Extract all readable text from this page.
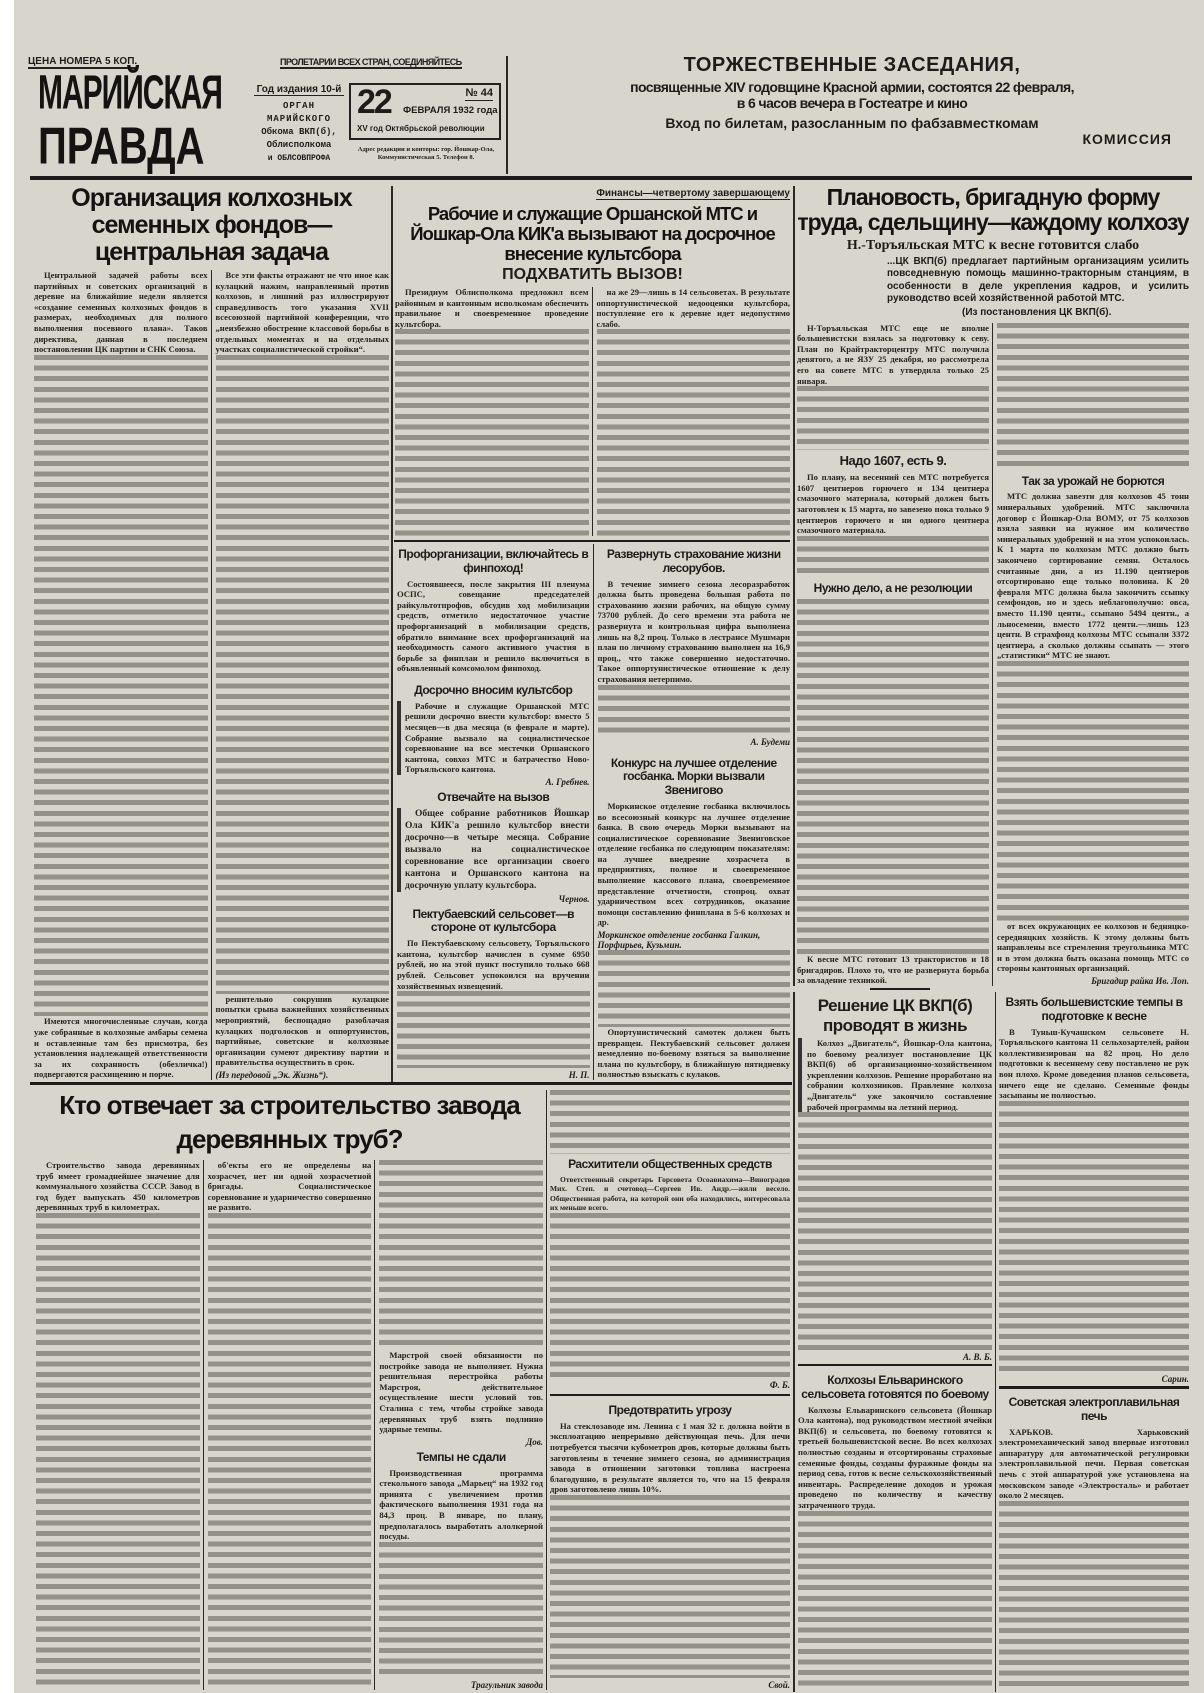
ЦЕНА НОМЕРА 5 КОП.	ПРОЛЕТАРИИ ВСЕХ СТРАН, СОЕДИНЯЙТЕСЬ
МАРИЙСКАЯ
ПРАВДА
Год издания 10-й
ОРГАН
МАРИЙСКОГО
Обкома ВКП(б),
Облисполкома
и ОБЛСОВПРОФА
22	№ 44
ФЕВРАЛЯ 1932 года
XV год Октябрьской революции
Адрес редакции и конторы: гор. Йошкар-Ола, Коммунистическая 5. Телефон 8.
ТОРЖЕСТВЕННЫЕ ЗАСЕДАНИЯ,
посвященные XIV годовщине Красной армии, состоятся 22 февраля,
в 6 часов вечера в Гостеатре и кино
Вход по билетам, разосланным по фабзавместкомам
КОМИССИЯ
Организация колхозных семенных фондов—центральная задача

Центральной задачей работы всех партийных и советских организаций в деревне на ближайшие недели является «создание семенных колхозных фондов в размерах, необходимых для полного выполнения посевного плана». Таков директива, данная в последнем постановлении ЦК партии и СНК Союза.

Имеются многочисленные случаи, когда уже собранные в колхозные амбары семена и оставленные там без присмотра, без установления надлежащей ответственности за их сохранность (обезличка!) подвергаются расхищению и порче.

Все эти факты отражают не что иное как кулацкий нажим, направленный против колхозов, и лишний раз иллюстрируют справедливость того указания XVII всесоюзной партийной конференции, что „неизбежно обострение классовой борьбы в отдельных моментах и на отдельных участках социалистической стройки“.

решительно сокрушив кулацкие попытки срыва важнейших хозяйственных мероприятий, беспощадно разоблачая кулацких подголосков и оппортунистов, партийные, советские и колхозные организации сумеют директиву партии и правительства осуществить в срок.

(Из передовой „Эк. Жизнь“).
Финансы—четвертому завершающему
Рабочие и служащие Оршанской МТС и Йошкар-Ола КИК'а вызывают на досрочное внесение культсбора
ПОДХВАТИТЬ ВЫЗОВ!

Президиум Облисполкома предложил всем районным и кантонным исполкомам обеспечить правильное и своевременное проведение культсбора.

на же 29—лишь в 14 сельсоветах. В результате оппортунистической недооценки культсбора, поступление его к деревне идет недопустимо слабо.

Профорганизации, включайтесь в финпоход!

Состоявшееся, после закрытия III пленума ОСПС, совещание председателей райкультотпрофов, обсудив ход мобилизации средств, отметило недостаточное участие профорганизаций в мобилизации средств, обратило внимание всех профорганизаций на необходимость самого активного участия в борьбе за финплан и решило включиться в объявленный комсомолом финпоход.

Досрочно вносим культсбор

Рабочие и служащие Оршанской МТС решили досрочно внести культсбор: вместо 5 месяцев—в два месяца (в феврале и марте). Собрание вызвало на социалистическое соревнование на все местечки Оршанского кантона, совхоз МТС и батрачество Ново-Торъяльского кантона.

А. Гребнев.
Отвечайте на вызов

Общее собрание работников Йошкар Ола КИК'а решило культсбор внести досрочно—в четыре месяца. Собрание вызвало на социалистическое соревнование все организации своего кантона и Оршанского кантона на досрочную уплату культсбора.

Чернов.
Пектубаевский сельсовет—в стороне от культсбора

По Пектубаевскому сельсовету, Торъяльского кантона, культсбор начислен в сумме 6950 рублей, но на этой пункт поступило только 668 рублей. Сельсовет успокоился на вручении хозяйственных извещений.

Н. П.
Развернуть страхование жизни лесорубов.

В течение зимнего сезона лесоразработок должна быть проведена большая работа по страхованию жизни рабочих, на общую сумму 73700 рублей. До сего времени эта работа не развернута и контрольная цифра выполнена лишь на 8,2 проц. Только в лестрансе Мушмари план по личному страхованию выполнен на 16,9 проц., что также совершенно недостаточно. Такое оппортунистическое отношение к делу страхования нетерпимо.

А. Будеми
Конкурс на лучшее отделение госбанка. Морки вызвали Звенигово

Моркинское отделение госбанка включилось во всесоюзный конкурс на лучшее отделение банка. В свою очередь Морки вызывают на социалистическое соревнование Звениговское отделение госбанка по следующим показателям: на лучшее внедрение хозрасчета в предприятиях, полное и своевременное выполнение кассового плана, своевременное представление отчетности, стопроц. охват ударничеством всех сотрудников, оказание помощи составлению финплана в 5-6 колхозах и др.

Моркинское отделение госбанка Галкин, Порфирьев, Кузьмин.

Опортунистический самотек должен быть превращен. Пектубаевский сельсовет должен немедленно по-боевому взяться за выполнение плана по культсбору, в ближайшую пятидневку полностью взыскать с кулаков.

Плановость, бригадную форму труда, сдельщину—каждому колхозу
Н.-Торъяльская МТС к весне готовится слабо
...ЦК ВКП(б) предлагает партийным организациям усилить повседневную помощь машинно-тракторным станциям, в особенности в деле укрепления кадров, и усилить руководство всей хозяйственной работой МТС.
(Из постановления ЦК ВКП(б).

Н-Торъяльская МТС еще не вполне большевистски взялась за подготовку к севу. План по Крайтракторцентру МТС получила девятого, а не ЯЗУ 25 декабря, но рассмотрела его на совете МТС в утвердила только 25 января.

Надо 1607, есть 9.

По плану, на весенний сев МТС потребуется 1607 центнеров горючего и 134 центнера смазочного материала, который должен быть заготовлен к 15 марта, но завезено пока только 9 центнеров горючего и ни одного центнера смазочного материала.

Нужно дело, а не резолюции

К весне МТС готовит 13 трактористов и 18 бригадиров. Плохо то, что не развернута борьба за овладение техникой.

Так за урожай не борются

МТС должна завезти для колхозов 45 тонн минеральных удобрений. МТС заключила договор с Йошкар-Ола ВОМУ, от 75 колхозов взяла заявки на нужное им количество минеральных удобрений и на этом успокоилась. К 1 марта по колхозам МТС должно быть закончено сортирование семян. Осталось считанные дни, а из 11.190 центнеров отсортировано еще только половина. К 20 февраля МТС должна была закончить ссыпку семфондов, но и здесь неблагополучно: овса, вместо 11.190 центн., ссыпано 5494 центн., а льносемени, вместо 1772 центн.—лишь 123 центн. В страхфонд колхозы МТС ссыпали 3372 центнера, а сколько должны ссыпать — этого „статистики“ МТС не знают.

от всех окружающих ее колхозов и бедняцко-середняцких хозяйств. К этому должны быть направлены все стремления треугольника МТС и в этом должна быть оказана помощь МТС со стороны кантонных организаций.

Бригадир райка Ив. Лоп.
Решение ЦК ВКП(б) проводят в жизнь

Колхоз „Двигатель“, Йошкар-Ола кантона, по боевому реализует постановление ЦК ВКП(б) об организационно-хозяйственном укреплении колхозов. Решение проработано на собрании колхозников. Правление колхоза „Двигатель“ уже закончило составление рабочей программы на летний период.

А. В. Б.
Колхозы Ельваринского сельсовета готовятся по боевому

Колхозы Ельваринского сельсовета (Йошкар Ола кантона), под руководством местной ячейки ВКП(б) и сельсовета, по боевому готовятся к третьей большевистской весне. Во всех колхозах полностью созданы и отсортированы страховые семенные фонды, созданы фуражные фонды на период сева, готов к весне сельскохозяйственный инвентарь. Распределение доходов и урожая проведено по количеству и качеству затраченного труда.

Взять большевистские темпы в подготовке к весне

В Туньш-Кучашском сельсовете Н. Торъяльского кантона 11 сельхозартелей, район коллективизирован на 82 проц. Но дело подготовки к весеннему севу поставлено не рук вон плохо. Кроме доведения планов сельсовета, ничего еще не сделано. Семенные фонды засыпаны не полностью.

Сарин.
Советская электроплавильная печь

ХАРЬКОВ. Харьковский электромеханический завод впервые изготовил аппаратуру для автоматической регулировки электроплавильной печи. Первая советская печь с этой аппаратурой уже установлена на московском заводе «Электросталь» и работает около 2 месяцев.

Кто отвечает за строительство завода деревянных труб?

Строительство завода деревянных труб имеет громаднейшее значение для коммунального хозяйства СССР. Завод в год будет выпускать 450 километров деревянных труб в километрах.

об'екты его не определены на хозрасчет, нет ни одной хозрасчетной бригады. Социалистическое соревнование и ударничество совершенно не развито.

Марстрой своей обязанности по постройке завода не выполняет. Нужна решительная перестройка работы Марстроя, действительное осуществление шести условий тов. Сталина с тем, чтобы стройке завода деревянных труб взять подлинно ударные темпы.

Дов.
Темпы не сдали

Производственная программа стекольного завода „Марьец“ на 1932 год принята с увеличением против фактического выполнения 1931 года на 84,3 проц. В январе, по плану, предполагалось выработать алолкерной посуды.

Трагульник завода
Расхитители общественных средств

Ответственный секретарь Горсовета Осоавиахима—Виноградов Мих. Степ. и счетовод—Сергеев Ив. Андр.—жили весело. Общественная работа, на которой они оба находились, интересовала их меньше всего.

Ф. Б.
Предотвратить угрозу

На стеклозаводе им. Ленина с 1 мая 32 г. должна войти в эксплоатацию непрерывно действующая печь. Для печи потребуется тысячи кубометров дров, которые должны быть заготовлены в течение зимнего сезона, но администрация завода в отношении заготовки топлива настроена благодушно, в результате является то, что на 15 февраля дров заготовлено лишь 10%.

Свой.
